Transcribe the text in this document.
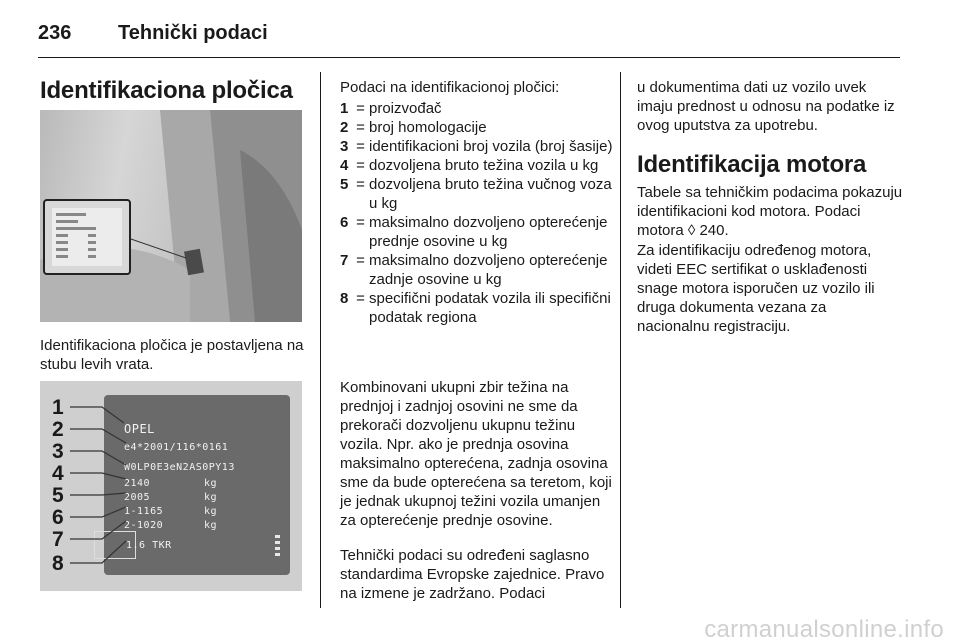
236 Tehnički podaci
Identifikaciona pločica

Identifikaciona pločica je postavljena na stubu levih vrata.

OPEL
e4*2001/116*0161
W0LP0E3eN2AS0PY13
2140	kg
2005	kg
1-1165	kg
2-1020	kg
1.6 TKR
1
2
3
4
5
6
7
8

Podaci na identifikacionoj pločici:

1 = proizvođač
2 = broj homologacije
3 = identifikacioni broj vozila (broj šasije)
4 = dozvoljena bruto težina vozila u kg
5 = dozvoljena bruto težina vučnog voza u kg
6 = maksimalno dozvoljeno opterećenje prednje osovine u kg
7 = maksimalno dozvoljeno opterećenje zadnje osovine u kg
8 = specifični podatak vozila ili specifični podatak regiona

Kombinovani ukupni zbir težina na prednjoj i zadnjoj osovini ne sme da prekorači dozvoljenu ukupnu težinu vozila. Npr. ako je prednja osovina maksimalno opterećena, zadnja osovina sme da bude opterećena sa teretom, koji je jednak ukupnoj težini vozila umanjen za opterećenje prednje osovine.

Tehnički podaci su određeni saglasno standardima Evropske zajednice. Pravo na izmene je zadržano. Podaci

u dokumentima dati uz vozilo uvek imaju prednost u odnosu na podatke iz ovog uputstva za upotrebu.

Identifikacija motora

Tabele sa tehničkim podacima pokazuju identifikacioni kod motora. Podaci motora ◊ 240.

Za identifikaciju određenog motora, videti EEC sertifikat o usklađenosti snage motora isporučen uz vozilo ili druga dokumenta vezana za nacionalnu registraciju.

carmanualsonline.info
